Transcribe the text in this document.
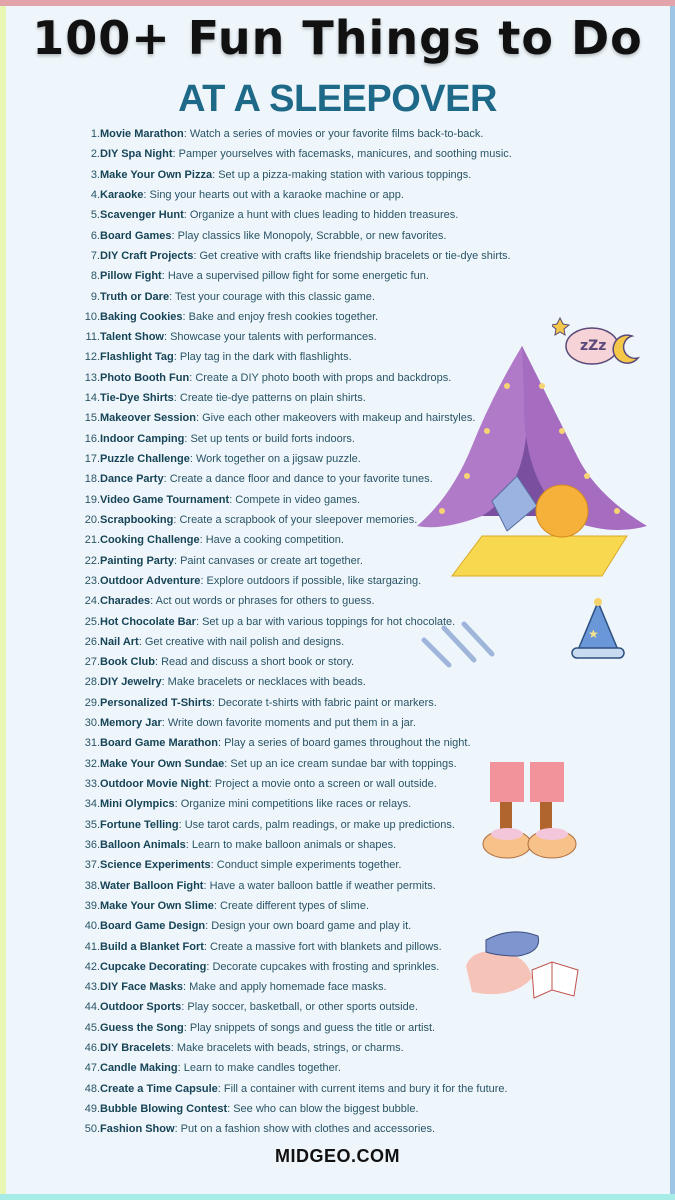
100+ Fun Things to Do
AT A SLEEPOVER
1. Movie Marathon : Watch a series of movies or your favorite films back-to-back.
2. DIY Spa Night : Pamper yourselves with facemasks, manicures, and soothing music.
3. Make Your Own Pizza : Set up a pizza-making station with various toppings.
4. Karaoke : Sing your hearts out with a karaoke machine or app.
5. Scavenger Hunt : Organize a hunt with clues leading to hidden treasures.
6. Board Games : Play classics like Monopoly, Scrabble, or new favorites.
7. DIY Craft Projects : Get creative with crafts like friendship bracelets or tie-dye shirts.
8. Pillow Fight : Have a supervised pillow fight for some energetic fun.
9. Truth or Dare : Test your courage with this classic game.
10. Baking Cookies : Bake and enjoy fresh cookies together.
11. Talent Show : Showcase your talents with performances.
12. Flashlight Tag : Play tag in the dark with flashlights.
13. Photo Booth Fun : Create a DIY photo booth with props and backdrops.
14. Tie-Dye Shirts : Create tie-dye patterns on plain shirts.
15. Makeover Session : Give each other makeovers with makeup and hairstyles.
16. Indoor Camping : Set up tents or build forts indoors.
17. Puzzle Challenge : Work together on a jigsaw puzzle.
18. Dance Party : Create a dance floor and dance to your favorite tunes.
19. Video Game Tournament : Compete in video games.
20. Scrapbooking : Create a scrapbook of your sleepover memories.
21. Cooking Challenge : Have a cooking competition.
22. Painting Party : Paint canvases or create art together.
23. Outdoor Adventure : Explore outdoors if possible, like stargazing.
24. Charades : Act out words or phrases for others to guess.
25. Hot Chocolate Bar : Set up a bar with various toppings for hot chocolate.
26. Nail Art : Get creative with nail polish and designs.
27. Book Club : Read and discuss a short book or story.
28. DIY Jewelry : Make bracelets or necklaces with beads.
29. Personalized T-Shirts : Decorate t-shirts with fabric paint or markers.
30. Memory Jar : Write down favorite moments and put them in a jar.
31. Board Game Marathon : Play a series of board games throughout the night.
32. Make Your Own Sundae : Set up an ice cream sundae bar with toppings.
33. Outdoor Movie Night : Project a movie onto a screen or wall outside.
34. Mini Olympics : Organize mini competitions like races or relays.
35. Fortune Telling : Use tarot cards, palm readings, or make up predictions.
36. Balloon Animals : Learn to make balloon animals or shapes.
37. Science Experiments : Conduct simple experiments together.
38. Water Balloon Fight : Have a water balloon battle if weather permits.
39. Make Your Own Slime : Create different types of slime.
40. Board Game Design : Design your own board game and play it.
41. Build a Blanket Fort : Create a massive fort with blankets and pillows.
42. Cupcake Decorating : Decorate cupcakes with frosting and sprinkles.
43. DIY Face Masks : Make and apply homemade face masks.
44. Outdoor Sports : Play soccer, basketball, or other sports outside.
45. Guess the Song : Play snippets of songs and guess the title or artist.
46. DIY Bracelets : Make bracelets with beads, strings, or charms.
47. Candle Making : Learn to make candles together.
48. Create a Time Capsule : Fill a container with current items and bury it for the future.
49. Bubble Blowing Contest : See who can blow the biggest bubble.
50. Fashion Show : Put on a fashion show with clothes and accessories.
zZz
★
MIDGEO.COM
